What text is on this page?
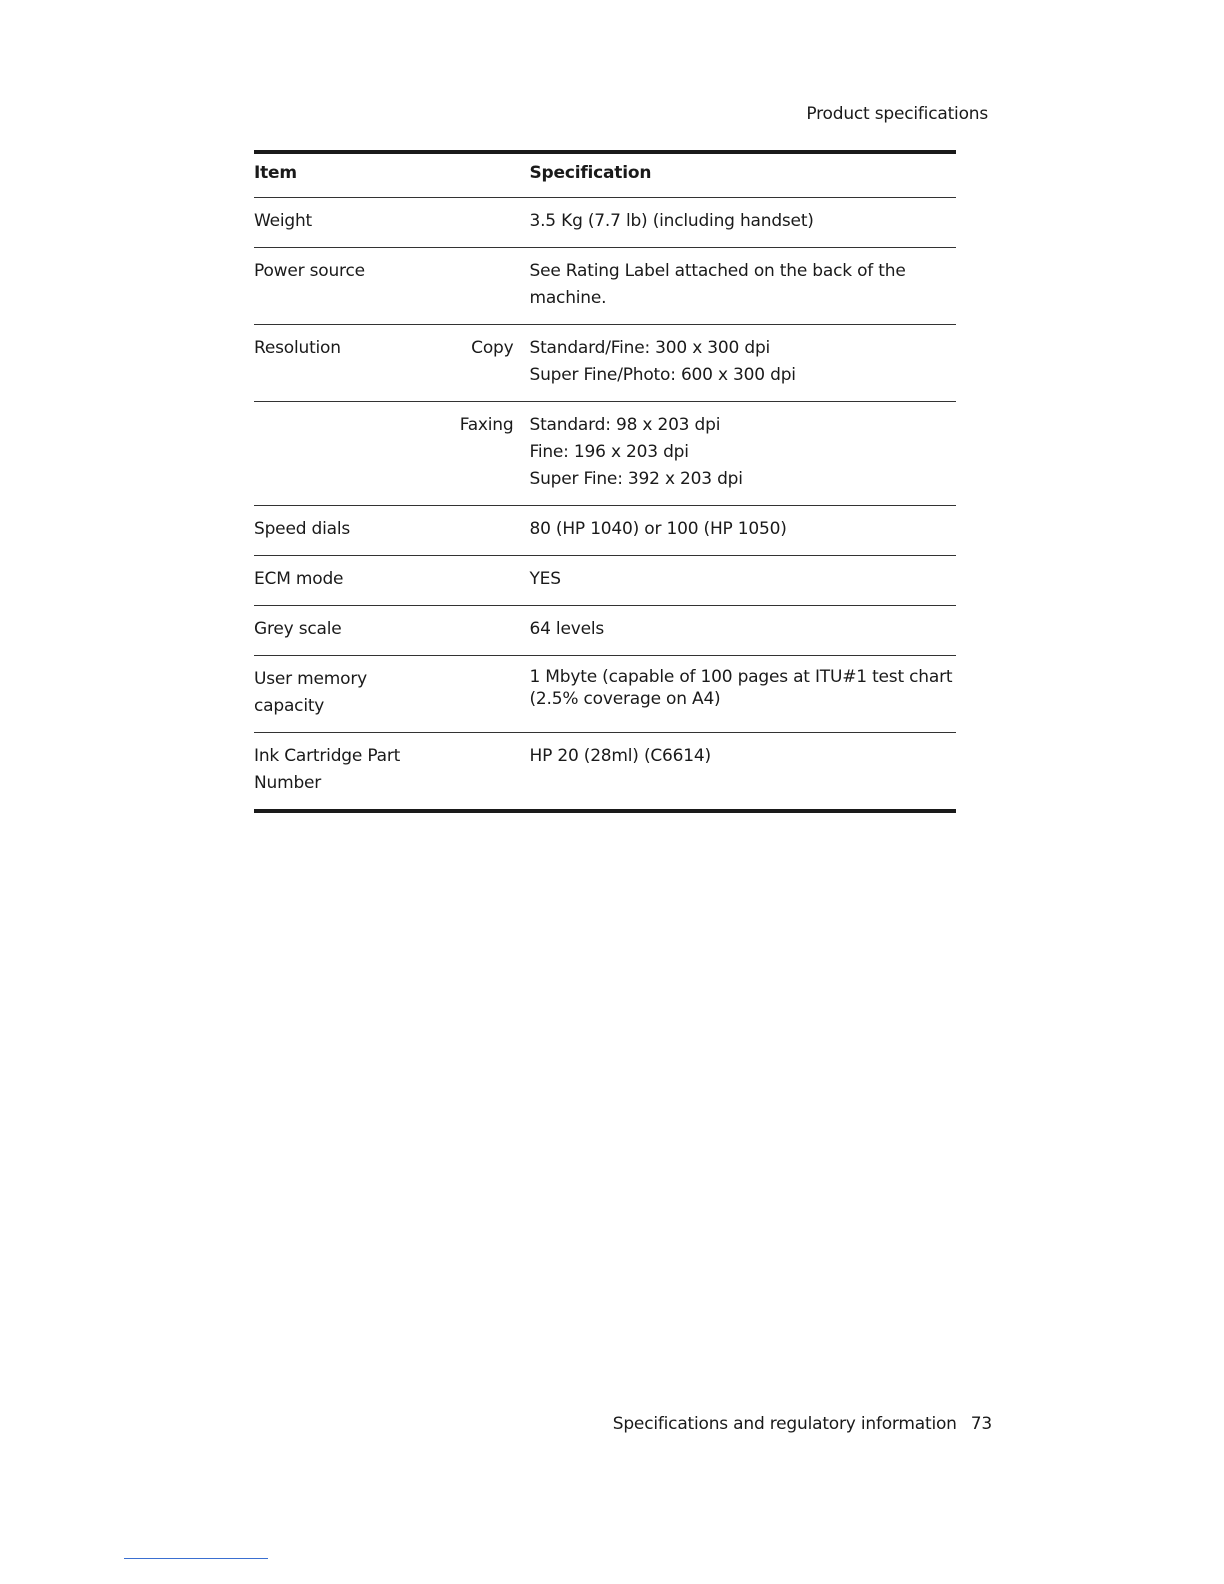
Product specifications
Item		Specification
Weight		3.5 Kg (7.7 lb) (including handset)

Power source		See Rating Label attached on the back of the machine.

Resolution	Copy	Standard/Fine: 300 x 300 dpi
Super Fine/Photo: 600 x 300 dpi

	Faxing	Standard: 98 x 203 dpi
Fine: 196 x 203 dpi
Super Fine: 392 x 203 dpi

Speed dials		80 (HP 1040) or 100 (HP 1050)

ECM mode		YES

Grey scale		64 levels

User memory capacity		1 Mbyte (capable of 100 pages at ITU#1 test chart
(2.5% coverage on A4)

Ink Cartridge Part Number		HP 20 (28ml) (C6614)
Specifications and regulatory information 73
